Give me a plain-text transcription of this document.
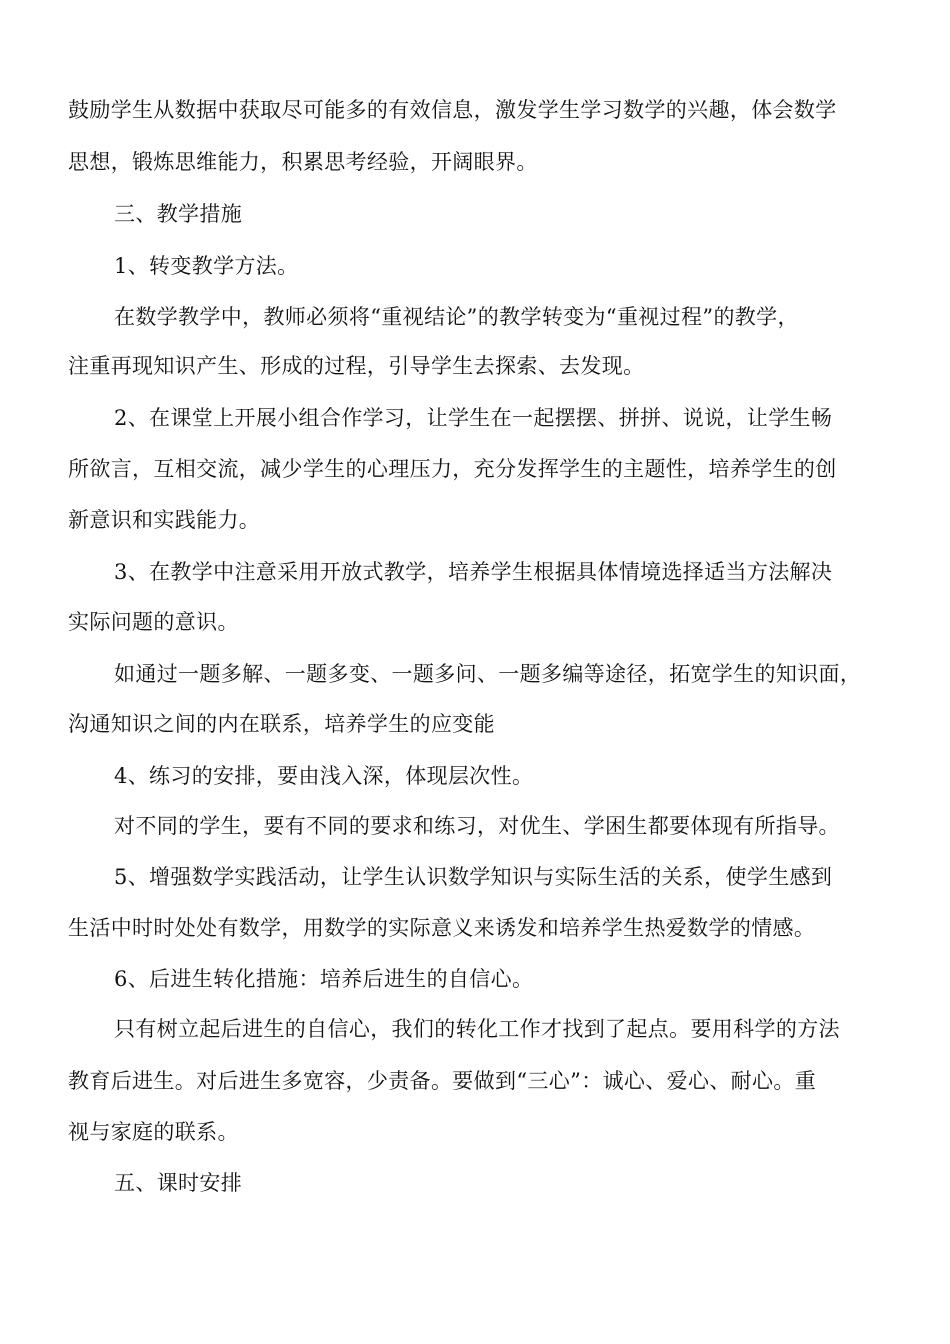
鼓励学生从数据中获取尽可能多的有效信息，激发学生学习数学的兴趣，体会数学
思想，锻炼思维能力，积累思考经验，开阔眼界。
三、教学措施
1、转变教学方法。
在数学教学中，教师必须将“重视结论”的教学转变为“重视过程”的教学，
注重再现知识产生、形成的过程，引导学生去探索、去发现。
2、在课堂上开展小组合作学习，让学生在一起摆摆、拼拼、说说，让学生畅
所欲言，互相交流，减少学生的心理压力，充分发挥学生的主题性，培养学生的创
新意识和实践能力。
3、在教学中注意采用开放式教学，培养学生根据具体情境选择适当方法解决
实际问题的意识。
如通过一题多解、一题多变、一题多问、一题多编等途径，拓宽学生的知识面，
沟通知识之间的内在联系，培养学生的应变能
4、练习的安排，要由浅入深，体现层次性。
对不同的学生，要有不同的要求和练习，对优生、学困生都要体现有所指导。
5、增强数学实践活动，让学生认识数学知识与实际生活的关系，使学生感到
生活中时时处处有数学，用数学的实际意义来诱发和培养学生热爱数学的情感。
6、后进生转化措施：培养后进生的自信心。
只有树立起后进生的自信心，我们的转化工作才找到了起点。要用科学的方法
教育后进生。对后进生多宽容，少责备。要做到“三心”：诚心、爱心、耐心。重
视与家庭的联系。
五、课时安排
